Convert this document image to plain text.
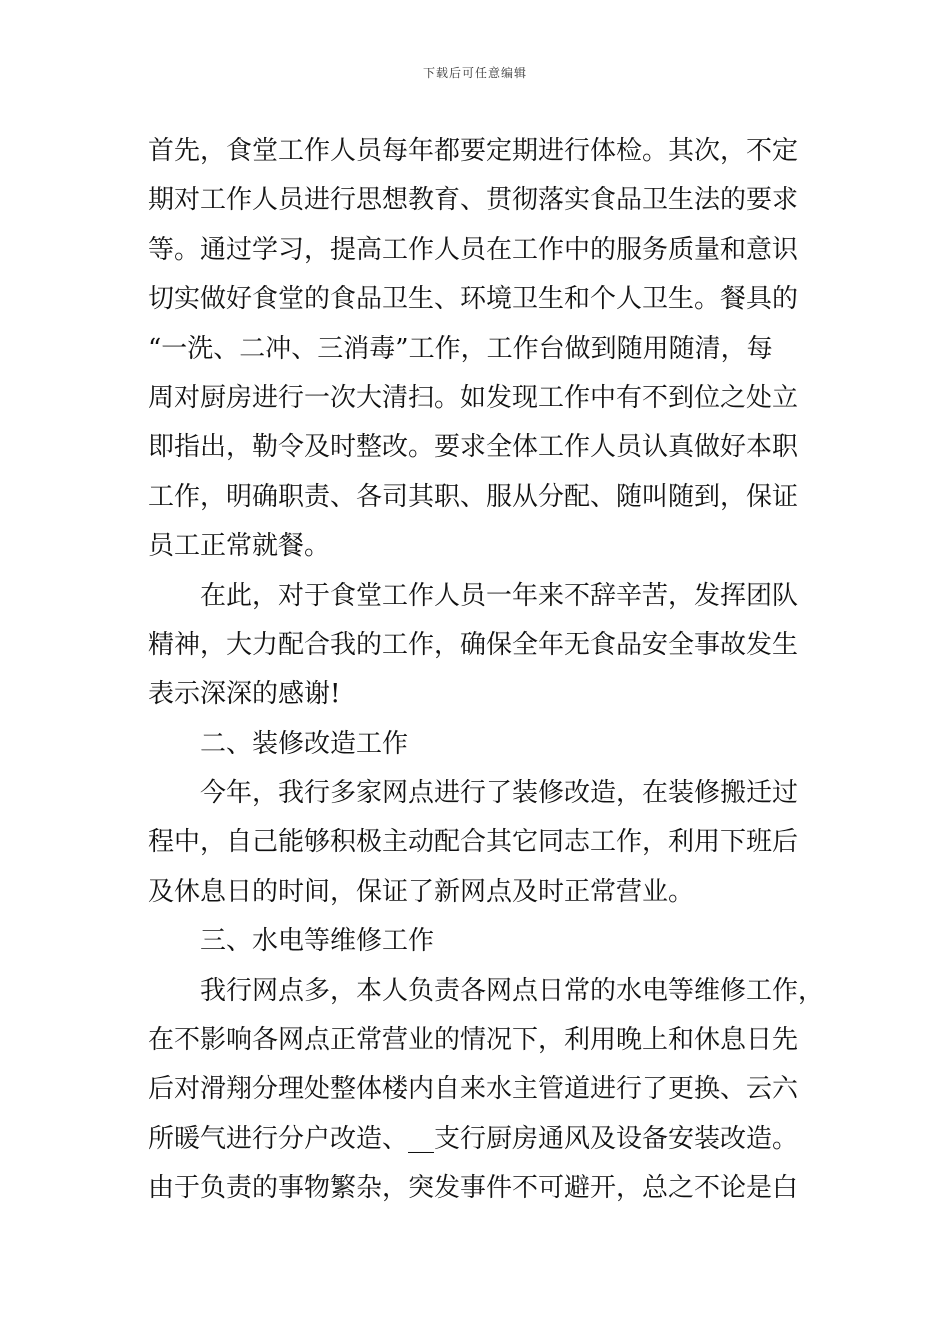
下载后可任意编辑
首先，食堂工作人员每年都要定期进行体检。其次，不定
期对工作人员进行思想教育、贯彻落实食品卫生法的要求
等。通过学习，提高工作人员在工作中的服务质量和意识
切实做好食堂的食品卫生、环境卫生和个人卫生。餐具的
“一洗、二冲、三消毒”工作，工作台做到随用随清，每
周对厨房进行一次大清扫。如发现工作中有不到位之处立
即指出，勒令及时整改。要求全体工作人员认真做好本职
工作，明确职责、各司其职、服从分配、随叫随到，保证
员工正常就餐。
在此，对于食堂工作人员一年来不辞辛苦，发挥团队
精神，大力配合我的工作，确保全年无食品安全事故发生
表示深深的感谢!
二、装修改造工作
今年，我行多家网点进行了装修改造，在装修搬迁过
程中，自己能够积极主动配合其它同志工作，利用下班后
及休息日的时间，保证了新网点及时正常营业。
三、水电等维修工作
我行网点多，本人负责各网点日常的水电等维修工作，
在不影响各网点正常营业的情况下，利用晚上和休息日先
后对滑翔分理处整体楼内自来水主管道进行了更换、云六
所暖气进行分户改造、__支行厨房通风及设备安装改造。
由于负责的事物繁杂，突发事件不可避开，总之不论是白
